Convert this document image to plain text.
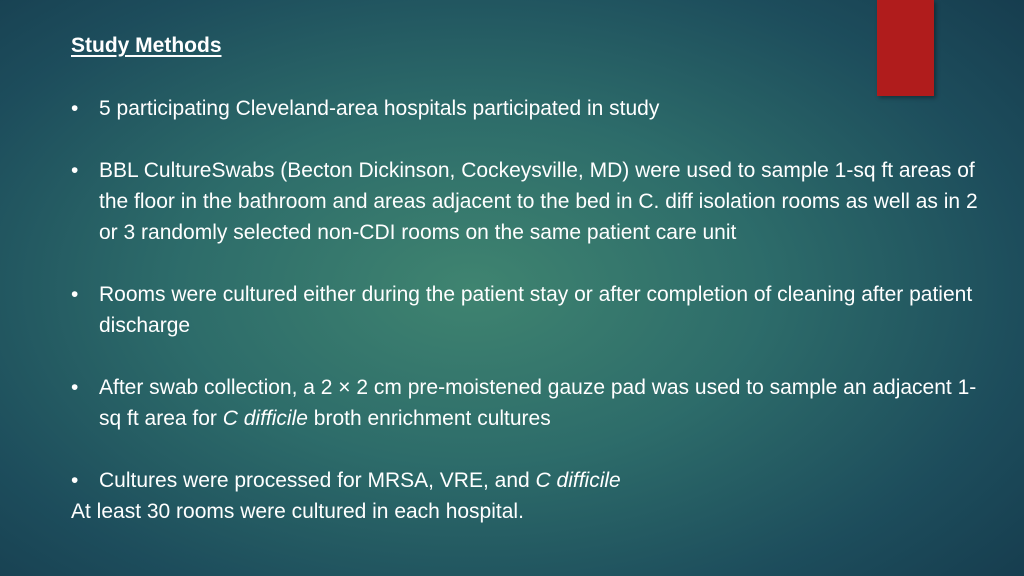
Study Methods
• 5 participating Cleveland-area hospitals participated in study
• BBL CultureSwabs (Becton Dickinson, Cockeysville, MD) were used to sample 1-sq ft areas of the floor in the bathroom and areas adjacent to the bed in C. diff isolation rooms as well as in 2 or 3 randomly selected non-CDI rooms on the same patient care unit
• Rooms were cultured either during the patient stay or after completion of cleaning after patient discharge
• After swab collection, a 2 × 2 cm pre-moistened gauze pad was used to sample an adjacent 1-sq ft area for C difficile broth enrichment cultures
• Cultures were processed for MRSA, VRE, and C difficile
At least 30 rooms were cultured in each hospital.
